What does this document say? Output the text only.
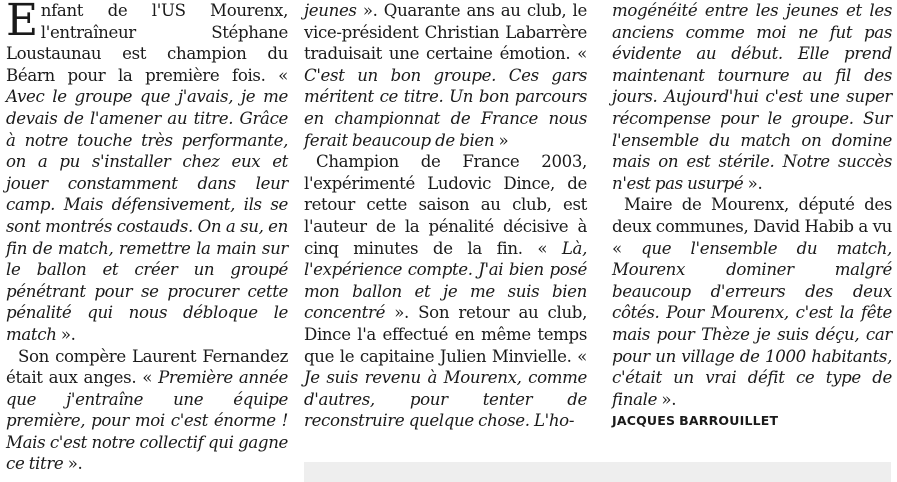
Enfant de l'US Mourenx, l'entraîneur Stéphane Loustaunau est champion du Béarn pour la première fois. « Avec le groupe que j'avais, je me devais de l'amener au titre. Grâce à notre touche très performante, on a pu s'installer chez eux et jouer constamment dans leur camp. Mais défensivement, ils se sont montrés costauds. On a su, en fin de match, remettre la main sur le ballon et créer un groupé pénétrant pour se procurer cette pénalité qui nous débloque le match ».

Son compère Laurent Fernandez était aux anges. « Première année que j'entraîne une équipe première, pour moi c'est énorme ! Mais c'est notre collectif qui gagne ce titre ».

jeunes ». Quarante ans au club, le vice-président Christian Labarrère traduisait une certaine émotion. « C'est un bon groupe. Ces gars méritent ce titre. Un bon parcours en championnat de France nous ferait beaucoup de bien »

Champion de France 2003, l'expérimenté Ludovic Dince, de retour cette saison au club, est l'auteur de la pénalité décisive à cinq minutes de la fin. « Là, l'expérience compte. J'ai bien posé mon ballon et je me suis bien concentré ». Son retour au club, Dince l'a effectué en même temps que le capitaine Julien Minvielle. « Je suis revenu à Mourenx, comme d'autres, pour tenter de reconstruire quelque chose. L'ho-

mogénéité entre les jeunes et les anciens comme moi ne fut pas évidente au début. Elle prend maintenant tournure au fil des jours. Aujourd'hui c'est une super récompense pour le groupe. Sur l'ensemble du match on domine mais on est stérile. Notre succès n'est pas usurpé ».

Maire de Mourenx, député des deux communes, David Habib a vu « que l'ensemble du match, Mourenx dominer malgré beaucoup d'erreurs des deux côtés. Pour Mourenx, c'est la fête mais pour Thèze je suis déçu, car pour un village de 1000 habitants, c'était un vrai défit ce type de finale ».

JACQUES BARROUILLET
